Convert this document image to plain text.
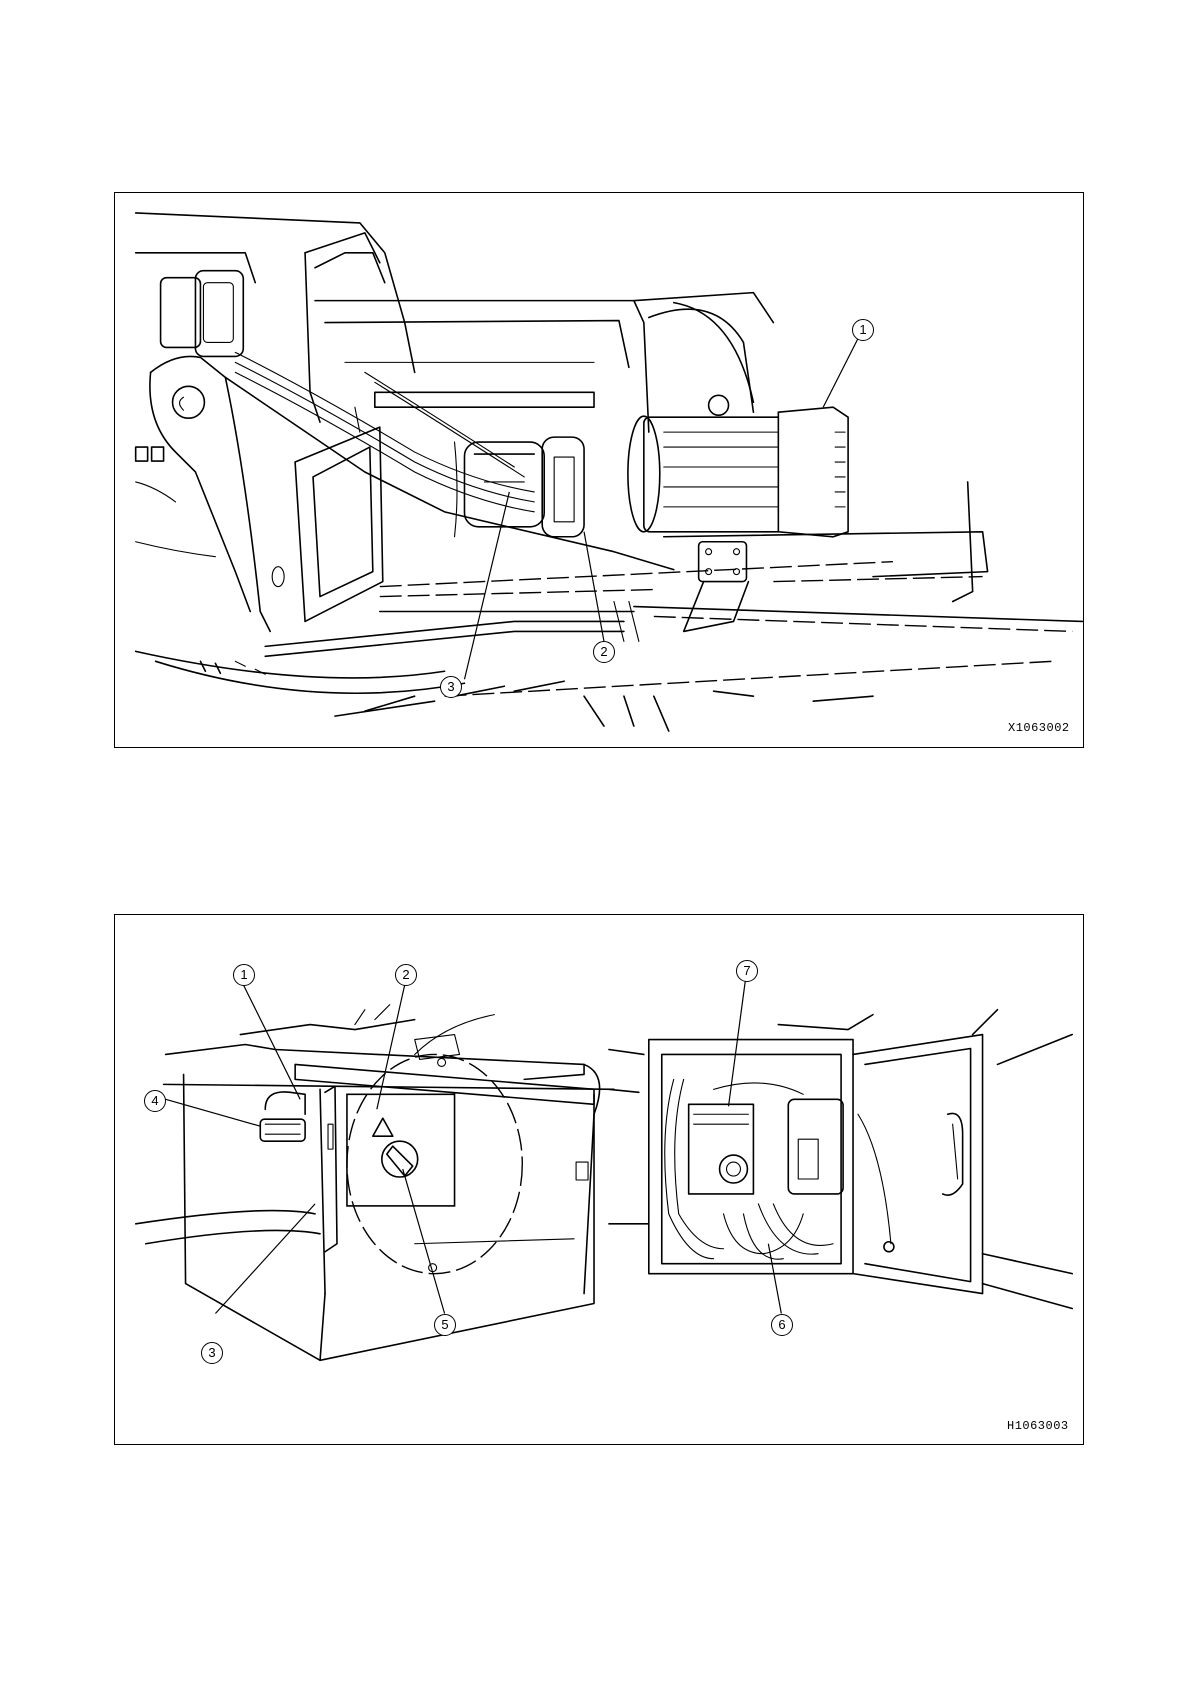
1
2
3
X1063002
1	2
3
4
5	6
7
H1063003
